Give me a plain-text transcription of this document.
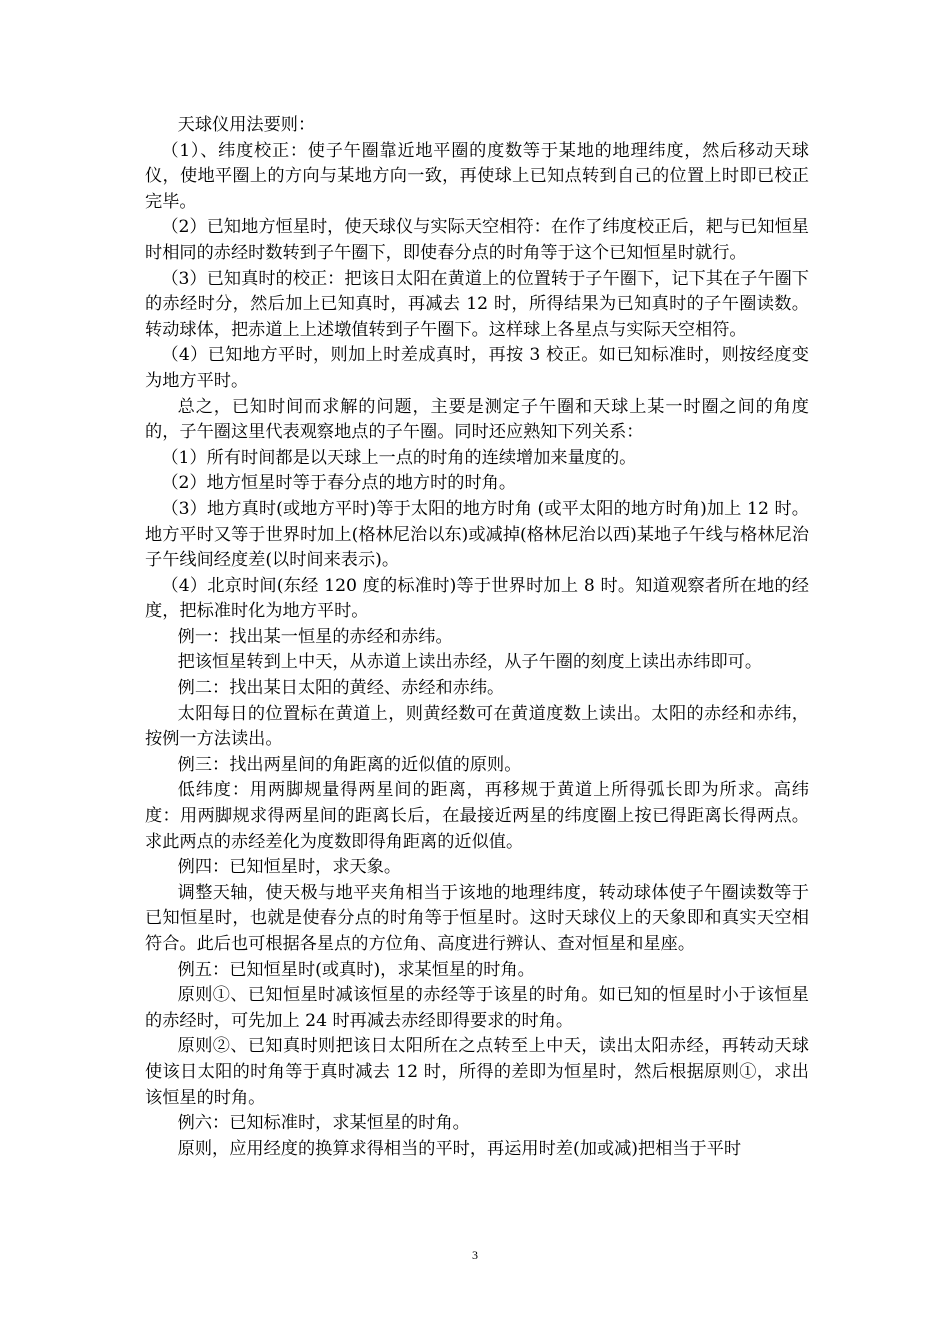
天球仪用法要则：

（1）、纬度校正：使子午圈靠近地平圈的度数等于某地的地理纬度，然后移动天球仪，使地平圈上的方向与某地方向一致，再使球上已知点转到自己的位置上时即已校正完毕。

（2）已知地方恒星时，使天球仪与实际天空相符：在作了纬度校正后，耙与已知恒星时相同的赤经时数转到子午圈下，即使春分点的时角等于这个已知恒星时就行。

（3）已知真时的校正：把该日太阳在黄道上的位置转于子午圈下，记下其在子午圈下的赤经时分，然后加上已知真时，再减去 12 时，所得结果为已知真时的子午圈读数。转动球体，把赤道上上述墩值转到子午圈下。这样球上各星点与实际天空相符。

（4）已知地方平时，则加上时差成真时，再按 3 校正。如已知标准时，则按经度变为地方平时。

总之，已知时间而求解的问题，主要是测定子午圈和天球上某一时圈之间的角度的，子午圈这里代表观察地点的子午圈。同时还应熟知下列关系：

（1）所有时间都是以天球上一点的时角的连续增加来量度的。

（2）地方恒星时等于春分点的地方时的时角。

（3）地方真时(或地方平时)等于太阳的地方时角 (或平太阳的地方时角)加上 12 时。地方平时又等于世界时加上(格林尼治以东)或减掉(格林尼治以西)某地子午线与格林尼治子午线间经度差(以时间来表示)。

（4）北京时间(东经 120 度的标准时)等于世界时加上 8 时。知道观察者所在地的经度，把标准时化为地方平时。

例一：找出某一恒星的赤经和赤纬。

把该恒星转到上中天，从赤道上读出赤经，从子午圈的刻度上读出赤纬即可。

例二：找出某日太阳的黄经、赤经和赤纬。

太阳每日的位置标在黄道上，则黄经数可在黄道度数上读出。太阳的赤经和赤纬，按例一方法读出。

例三：找出两星间的角距离的近似值的原则。

低纬度：用两脚规量得两星间的距离，再移规于黄道上所得弧长即为所求。高纬度：用两脚规求得两星间的距离长后，在最接近两星的纬度圈上按已得距离长得两点。求此两点的赤经差化为度数即得角距离的近似值。

例四：已知恒星时，求天象。

调整天轴，使天极与地平夹角相当于该地的地理纬度，转动球体使子午圈读数等于已知恒星时，也就是使春分点的时角等于恒星时。这时天球仪上的天象即和真实天空相符合。此后也可根据各星点的方位角、高度进行辨认、查对恒星和星座。

例五：已知恒星时(或真时)，求某恒星的时角。

原则①、已知恒星时减该恒星的赤经等于该星的时角。如已知的恒星时小于该恒星的赤经时，可先加上 24 时再减去赤经即得要求的时角。

原则②、已知真时则把该日太阳所在之点转至上中天，读出太阳赤经，再转动天球使该日太阳的时角等于真时减去 12 时，所得的差即为恒星时，然后根据原则①，求出该恒星的时角。

例六：已知标准时，求某恒星的时角。

原则，应用经度的换算求得相当的平时，再运用时差(加或减)把相当于平时

3
